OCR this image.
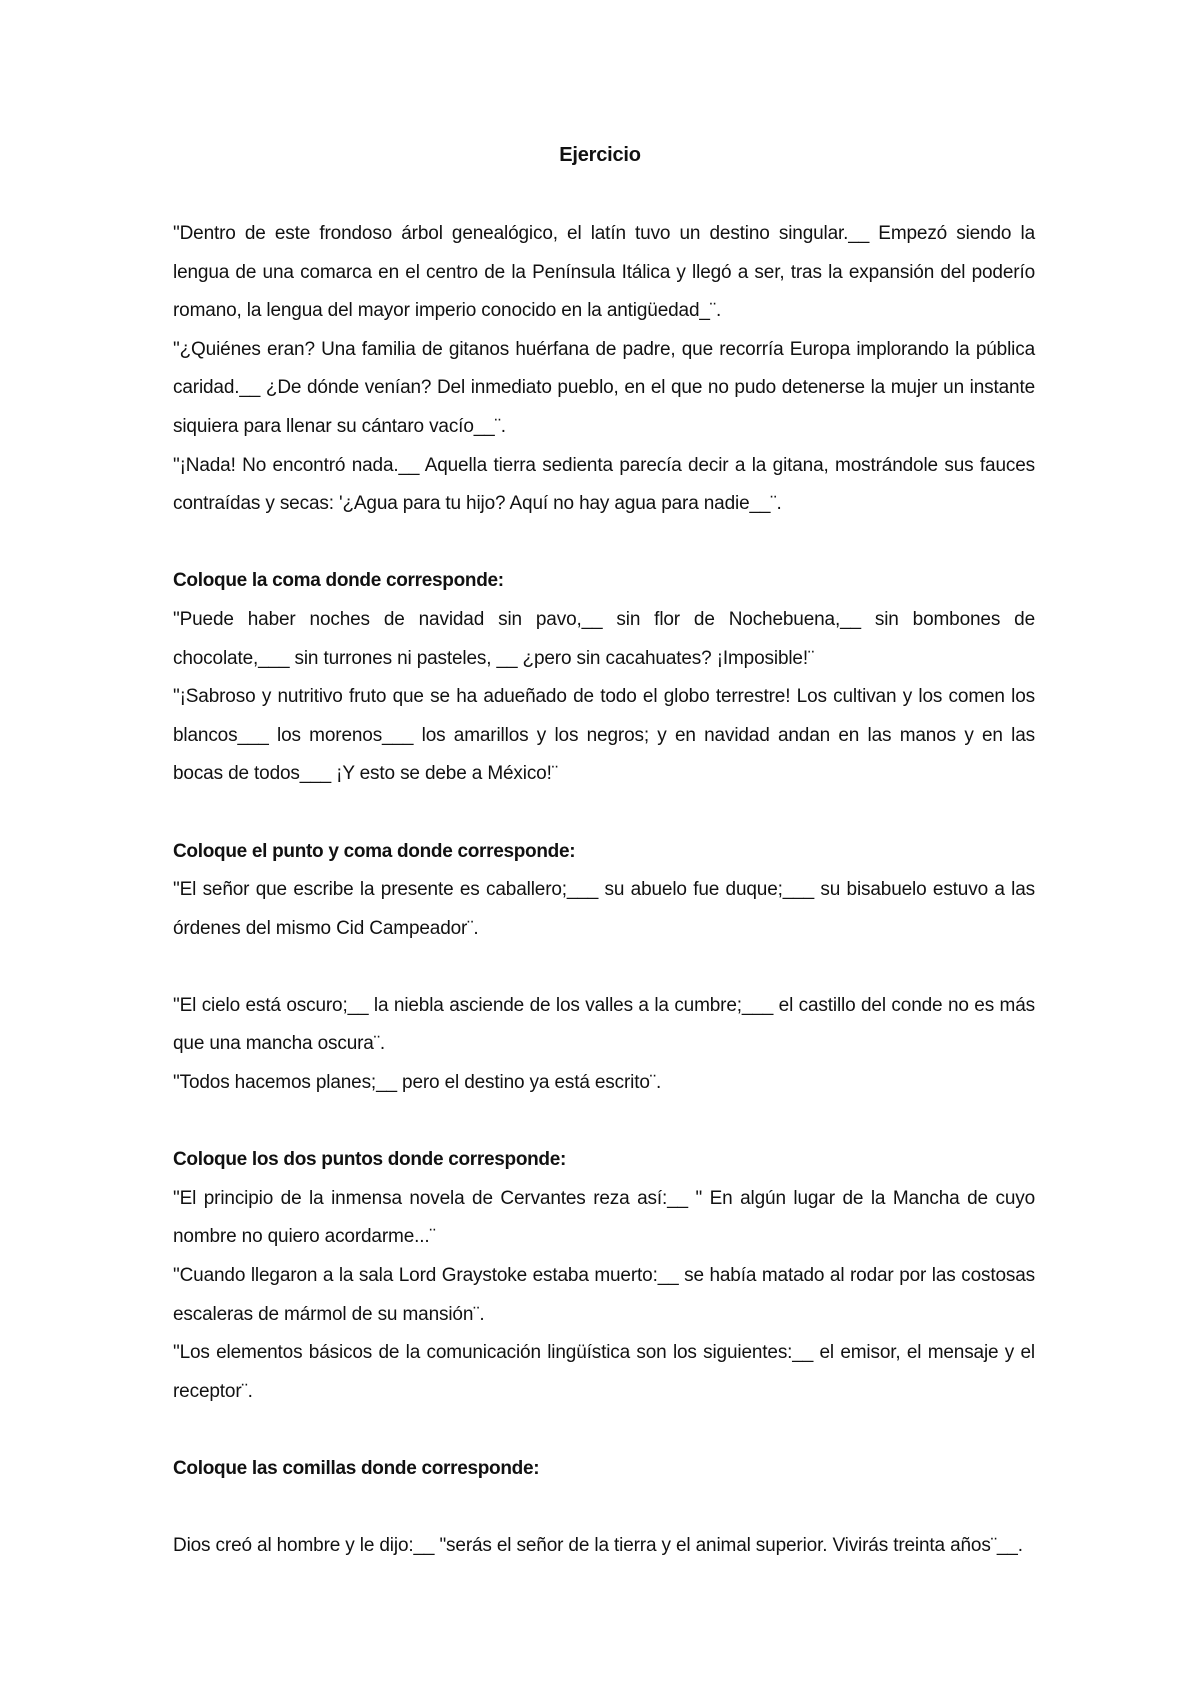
Ejercicio

"Dentro de este frondoso árbol genealógico, el latín tuvo un destino singular.__ Empezó siendo la lengua de una comarca en el centro de la Península Itálica y llegó a ser, tras la expansión del poderío romano, la lengua del mayor imperio conocido en la antigüedad_¨.

"¿Quiénes eran? Una familia de gitanos huérfana de padre, que recorría Europa implorando la pública caridad.__ ¿De dónde venían? Del inmediato pueblo, en el que no pudo detenerse la mujer un instante siquiera para llenar su cántaro vacío__¨.

"¡Nada! No encontró nada.__ Aquella tierra sedienta parecía decir a la gitana, mostrándole sus fauces contraídas y secas: '¿Agua para tu hijo? Aquí no hay agua para nadie__¨.

Coloque la coma donde corresponde:

"Puede haber noches de navidad sin pavo,__ sin flor de Nochebuena,__ sin bombones de chocolate,___ sin turrones ni pasteles, __ ¿pero sin cacahuates? ¡Imposible!¨

"¡Sabroso y nutritivo fruto que se ha adueñado de todo el globo terrestre! Los cultivan y los comen los blancos___ los morenos___ los amarillos y los negros; y en navidad andan en las manos y en las bocas de todos___ ¡Y esto se debe a México!¨

Coloque el punto y coma donde corresponde:

"El señor que escribe la presente es caballero;___ su abuelo fue duque;___ su bisabuelo estuvo a las órdenes del mismo Cid Campeador¨.

"El cielo está oscuro;__ la niebla asciende de los valles a la cumbre;___ el castillo del conde no es más que una mancha oscura¨.

"Todos hacemos planes;__ pero el destino ya está escrito¨.

Coloque los dos puntos donde corresponde:

"El principio de la inmensa novela de Cervantes reza así:__ " En algún lugar de la Mancha de cuyo nombre no quiero acordarme...¨

"Cuando llegaron a la sala Lord Graystoke estaba muerto:__ se había matado al rodar por las costosas escaleras de mármol de su mansión¨.

"Los elementos básicos de la comunicación lingüística son los siguientes:__ el emisor, el mensaje y el receptor¨.

Coloque las comillas donde corresponde:

Dios creó al hombre y le dijo:__ "serás el señor de la tierra y el animal superior. Vivirás treinta años¨__.
